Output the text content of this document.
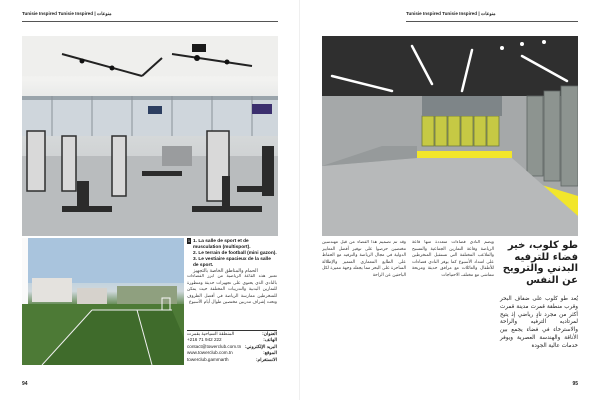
Tunisie Inspired Tunisie Inspired | منوعات
1 1. La salle de sport et de musculation (multisport).
2. Le terrain de football (mini gazon).
3. Le vestiaire spacieux de la salle de sport.
الحمام والمناطق الخاصة بالتجهيز
تعتبر هذه القاعة الرياضية من أبرز الفضاءات بالنادي الذي يحتوي على تجهيزات حديثة ومتطورة للتمارين البدنية والتدريبات المختلفة حيث يمكن للمنخرطين ممارسة الرياضة في أفضل الظروف وتحت إشراف مدربين مختصين طوال أيام الأسبوع
المنطقة السياحية بقمرت	العنوان:
+216 71 942 222	الهاتف:
contact@towerclub.com.tn البريد الإلكتروني:
www.towerclub.com.tn	الموقع:
towerclub.gammarth	الانستغرام:
94
Tunisie Inspired Tunisie Inspired | منوعات
طو كلوب، خير فضاء للترفيه البدني والترويح عن النفس
يُعد طو كلوب على ضفاف البحر وقرب منطقة قمرت مدينة قمرت أكثر من مجرد نادٍ رياضي إذ يتيح لمرتاديه الترفيه والراحة والاسترخاء في فضاء يجمع بين الأناقة والهندسة العصرية ويوفر خدمات عالية الجودة
ويضم النادي فضاءات متعددة منها قاعة الرياضة وقاعة التمارين الجماعية والمسبح والملاعب المختلفة التي تستقبل المنخرطين على امتداد الأسبوع كما يوفر النادي فضاءات للأطفال والعائلات مع مرافق حديثة ومريحة تتماشى مع مختلف الاحتياجات
وقد تم تصميم هذا الفضاء من قبل مهندسين مختصين حرصوا على توفير أفضل المعايير الدولية في مجال الرياضة والترفيه مع الحفاظ على الطابع المعماري المتميز والإطلالة الساحرة على البحر مما يجعله وجهة مميزة لكل الباحثين عن الراحة
95
